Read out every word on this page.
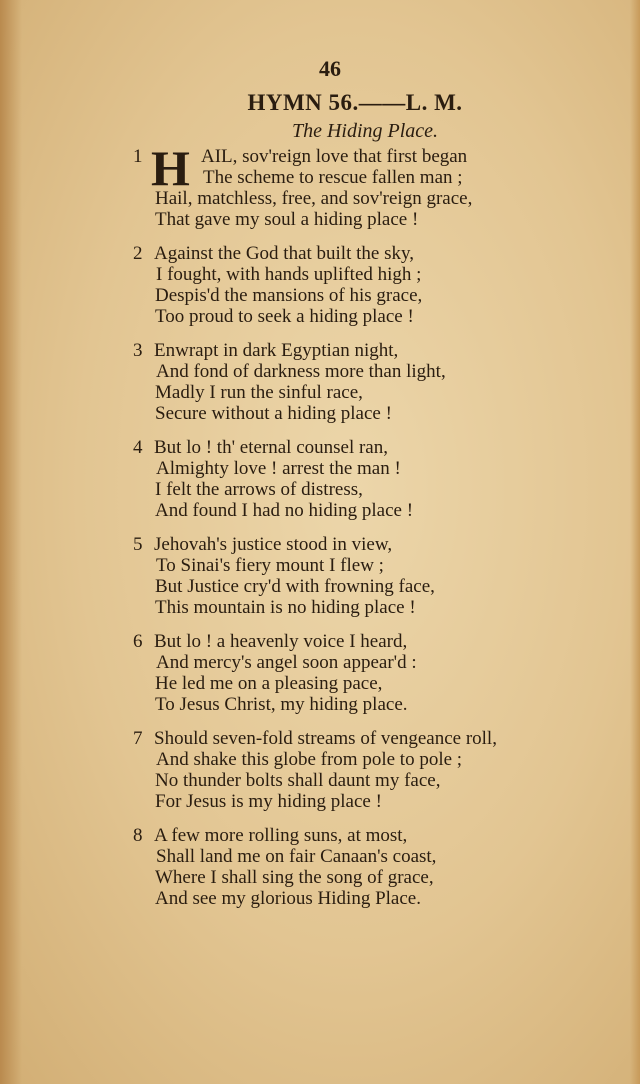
46
HYMN 56.——L. M.
The Hiding Place.
1 H AIL, sov'reign love that first began
The scheme to rescue fallen man ;
Hail, matchless, free, and sov'reign grace,
That gave my soul a hiding place !
2 Against the God that built the sky,
I fought, with hands uplifted high ;
Despis'd the mansions of his grace,
Too proud to seek a hiding place !
3 Enwrapt in dark Egyptian night,
And fond of darkness more than light,
Madly I run the sinful race,
Secure without a hiding place !
4 But lo ! th' eternal counsel ran,
Almighty love ! arrest the man !
I felt the arrows of distress,
And found I had no hiding place !
5 Jehovah's justice stood in view,
To Sinai's fiery mount I flew ;
But Justice cry'd with frowning face,
This mountain is no hiding place !
6 But lo ! a heavenly voice I heard,
And mercy's angel soon appear'd :
He led me on a pleasing pace,
To Jesus Christ, my hiding place.
7 Should seven-fold streams of vengeance roll,
And shake this globe from pole to pole ;
No thunder bolts shall daunt my face,
For Jesus is my hiding place !
8 A few more rolling suns, at most,
Shall land me on fair Canaan's coast,
Where I shall sing the song of grace,
And see my glorious Hiding Place.
